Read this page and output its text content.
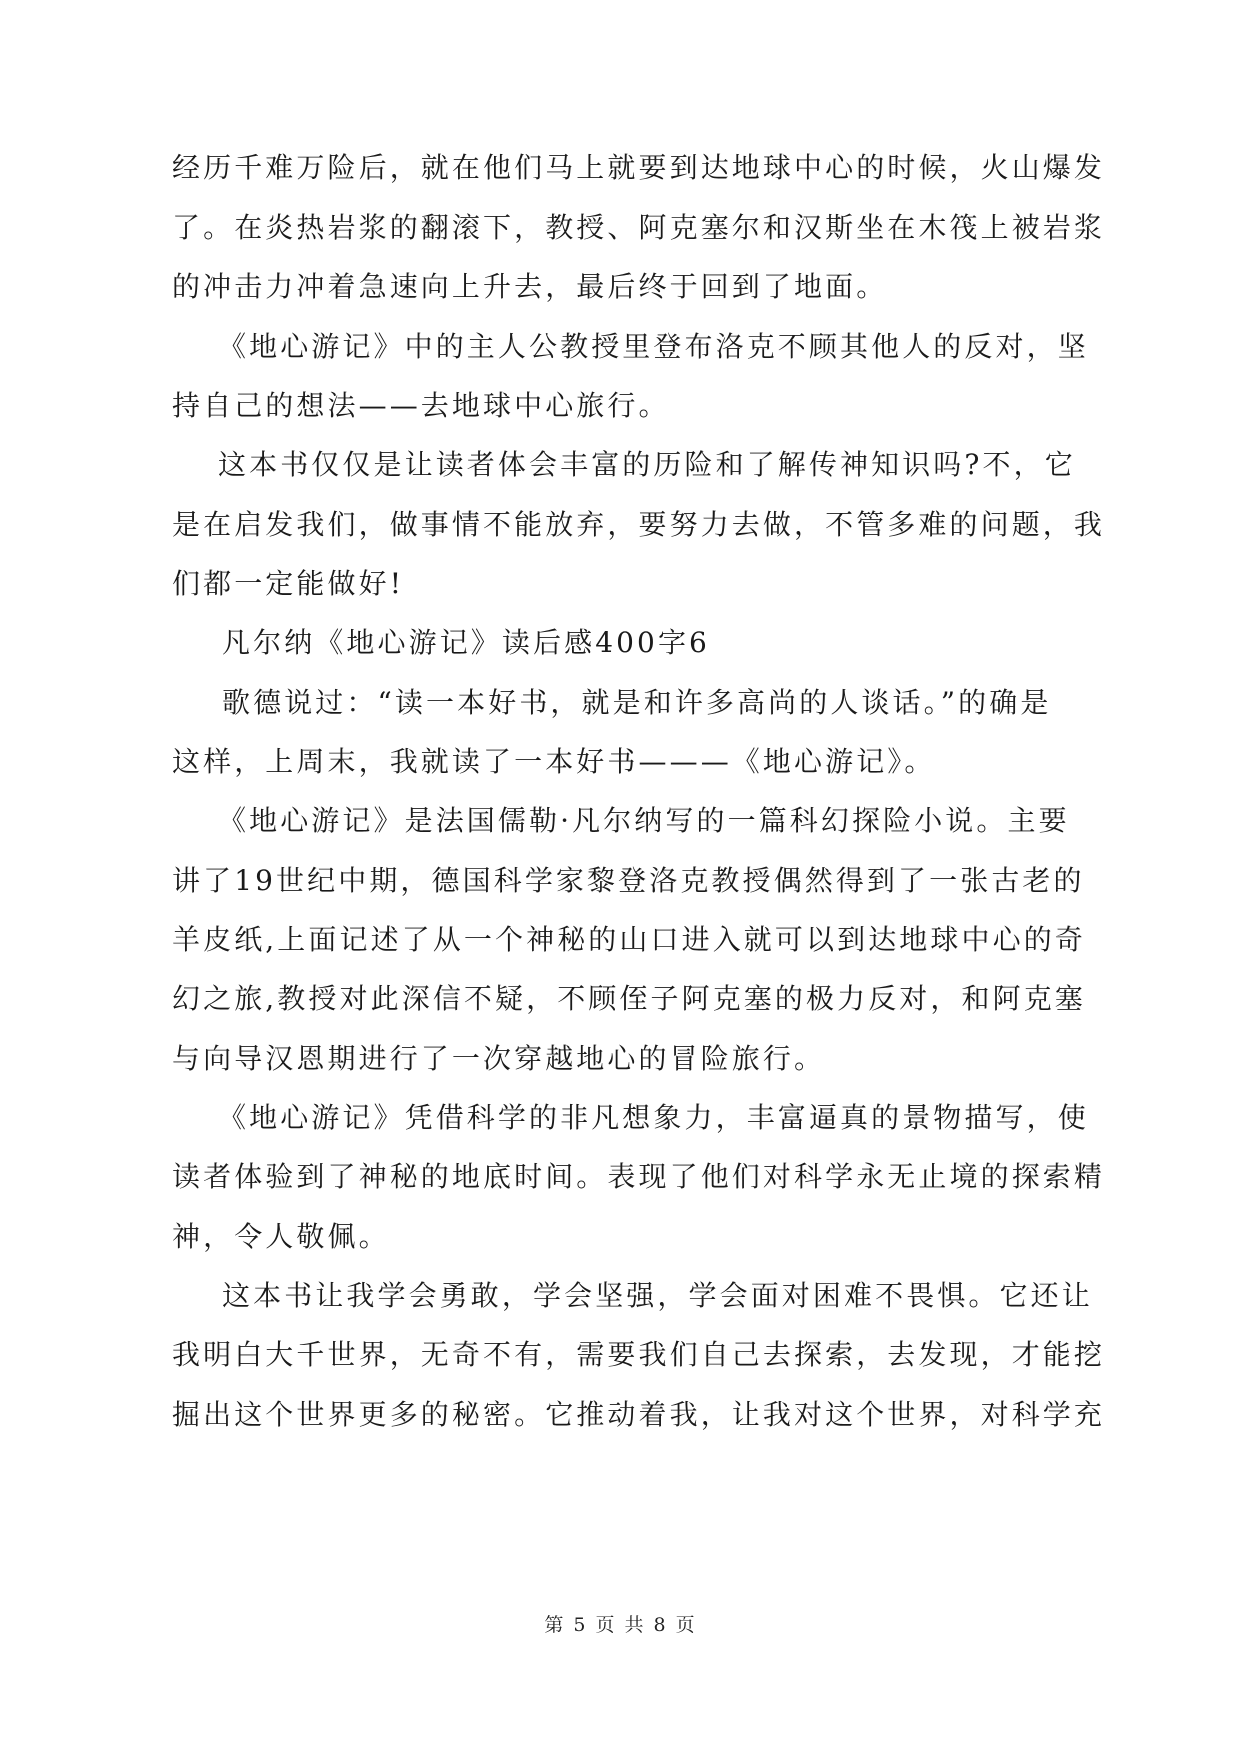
经历千难万险后，就在他们马上就要到达地球中心的时候，火山爆发
了。在炎热岩浆的翻滚下，教授、阿克塞尔和汉斯坐在木筏上被岩浆
的冲击力冲着急速向上升去，最后终于回到了地面。
《地心游记》中的主人公教授里登布洛克不顾其他人的反对，坚
持自己的想法——去地球中心旅行。
这本书仅仅是让读者体会丰富的历险和了解传神知识吗?不，它
是在启发我们，做事情不能放弃，要努力去做，不管多难的问题，我
们都一定能做好!
凡尔纳《地心游记》读后感400字6
歌德说过：“读一本好书，就是和许多高尚的人谈话。”的确是
这样，上周末，我就读了一本好书———《地心游记》。
《地心游记》是法国儒勒·凡尔纳写的一篇科幻探险小说。主要
讲了19世纪中期，德国科学家黎登洛克教授偶然得到了一张古老的
羊皮纸,上面记述了从一个神秘的山口进入就可以到达地球中心的奇
幻之旅,教授对此深信不疑，不顾侄子阿克塞的极力反对，和阿克塞
与向导汉恩期进行了一次穿越地心的冒险旅行。
《地心游记》凭借科学的非凡想象力，丰富逼真的景物描写，使
读者体验到了神秘的地底时间。表现了他们对科学永无止境的探索精
神，令人敬佩。
这本书让我学会勇敢，学会坚强，学会面对困难不畏惧。它还让
我明白大千世界，无奇不有，需要我们自己去探索，去发现，才能挖
掘出这个世界更多的秘密。它推动着我，让我对这个世界，对科学充
第 5 页 共 8 页
